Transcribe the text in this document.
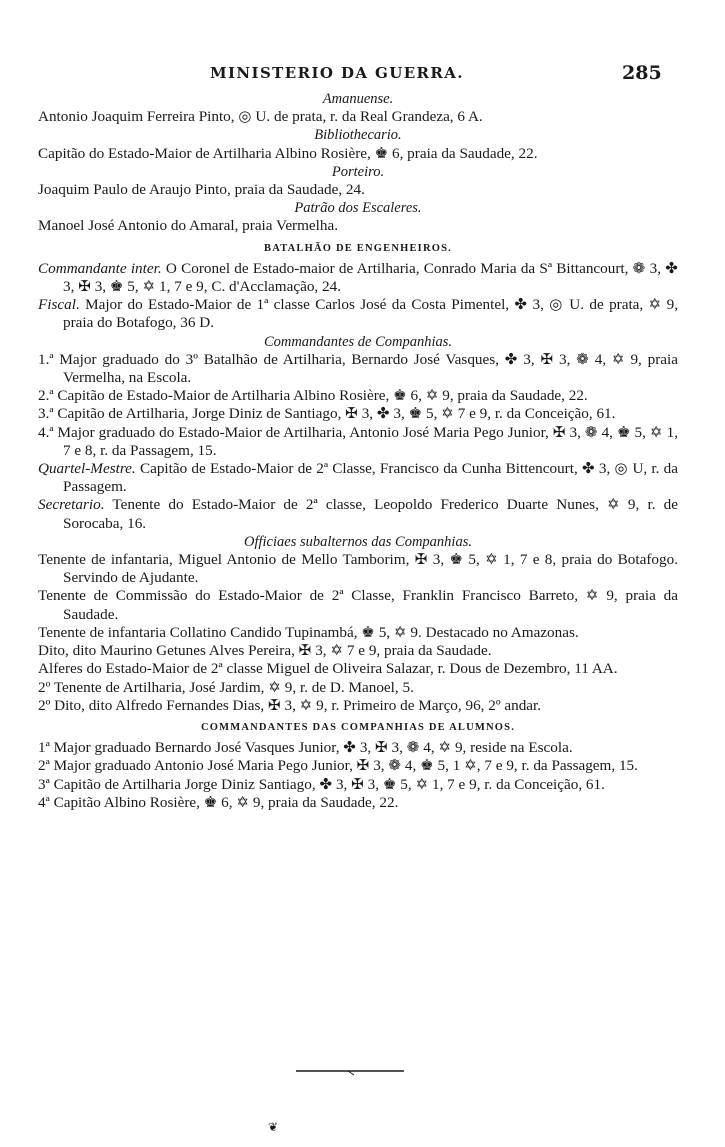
MINISTERIO DA GUERRA.	285
Amanuense.
Antonio Joaquim Ferreira Pinto, ◎ U. de prata, r. da Real Grandeza, 6 A.
Bibliothecario.
Capitão do Estado-Maior de Artilharia Albino Rosière, ♚ 6, praia da Saudade, 22.
Porteiro.
Joaquim Paulo de Araujo Pinto, praia da Saudade, 24.
Patrão dos Escaleres.
Manoel José Antonio do Amaral, praia Vermelha.
BATALHÃO DE ENGENHEIROS.
Commandante inter. O Coronel de Estado-maior de Artilharia, Conrado Maria da Sª Bittancourt, ❁ 3, ✤ 3, ✠ 3, ♚ 5, ✡ 1, 7 e 9, C. d'Acclamação, 24.
Fiscal. Major do Estado-Maior de 1ª classe Carlos José da Costa Pimentel, ✤ 3, ◎ U. de prata, ✡ 9, praia do Botafogo, 36 D.
Commandantes de Companhias.
1.ª Major graduado do 3º Batalhão de Artilharia, Bernardo José Vasques, ✤ 3, ✠ 3, ❁ 4, ✡ 9, praia Vermelha, na Escola.
2.ª Capitão de Estado-Maior de Artilharia Albino Rosière, ♚ 6, ✡ 9, praia da Saudade, 22.
3.ª Capitão de Artilharia, Jorge Diniz de Santiago, ✠ 3, ✤ 3, ♚ 5, ✡ 7 e 9, r. da Conceição, 61.
4.ª Major graduado do Estado-Maior de Artilharia, Antonio José Maria Pego Junior, ✠ 3, ❁ 4, ♚ 5, ✡ 1, 7 e 8, r. da Passagem, 15.
Quartel-Mestre. Capitão de Estado-Maior de 2ª Classe, Francisco da Cunha Bittencourt, ✤ 3, ◎ U, r. da Passagem.
Secretario. Tenente do Estado-Maior de 2ª classe, Leopoldo Frederico Duarte Nunes, ✡ 9, r. de Sorocaba, 16.
Officiaes subalternos das Companhias.
Tenente de infantaria, Miguel Antonio de Mello Tamborim, ✠ 3, ♚ 5, ✡ 1, 7 e 8, praia do Botafogo. Servindo de Ajudante.
Tenente de Commissão do Estado-Maior de 2ª Classe, Franklin Francisco Barreto, ✡ 9, praia da Saudade.
Tenente de infantaria Collatino Candido Tupinambá, ♚ 5, ✡ 9. Destacado no Amazonas.
Dito, dito Maurino Getunes Alves Pereira, ✠ 3, ✡ 7 e 9, praia da Saudade.
Alferes do Estado-Maior de 2ª classe Miguel de Oliveira Salazar, r. Dous de Dezembro, 11 AA.
2º Tenente de Artilharia, José Jardim, ✡ 9, r. de D. Manoel, 5.
2º Dito, dito Alfredo Fernandes Dias, ✠ 3, ✡ 9, r. Primeiro de Março, 96, 2º andar.
COMMANDANTES DAS COMPANHIAS DE ALUMNOS.
1ª Major graduado Bernardo José Vasques Junior, ✤ 3, ✠ 3, ❁ 4, ✡ 9, reside na Escola.
2ª Major graduado Antonio José Maria Pego Junior, ✠ 3, ❁ 4, ♚ 5, 1 ✡, 7 e 9, r. da Passagem, 15.
3ª Capitão de Artilharia Jorge Diniz Santiago, ✤ 3, ✠ 3, ♚ 5, ✡ 1, 7 e 9, r. da Conceição, 61.
4ª Capitão Albino Rosière, ♚ 6, ✡ 9, praia da Saudade, 22.
❦
